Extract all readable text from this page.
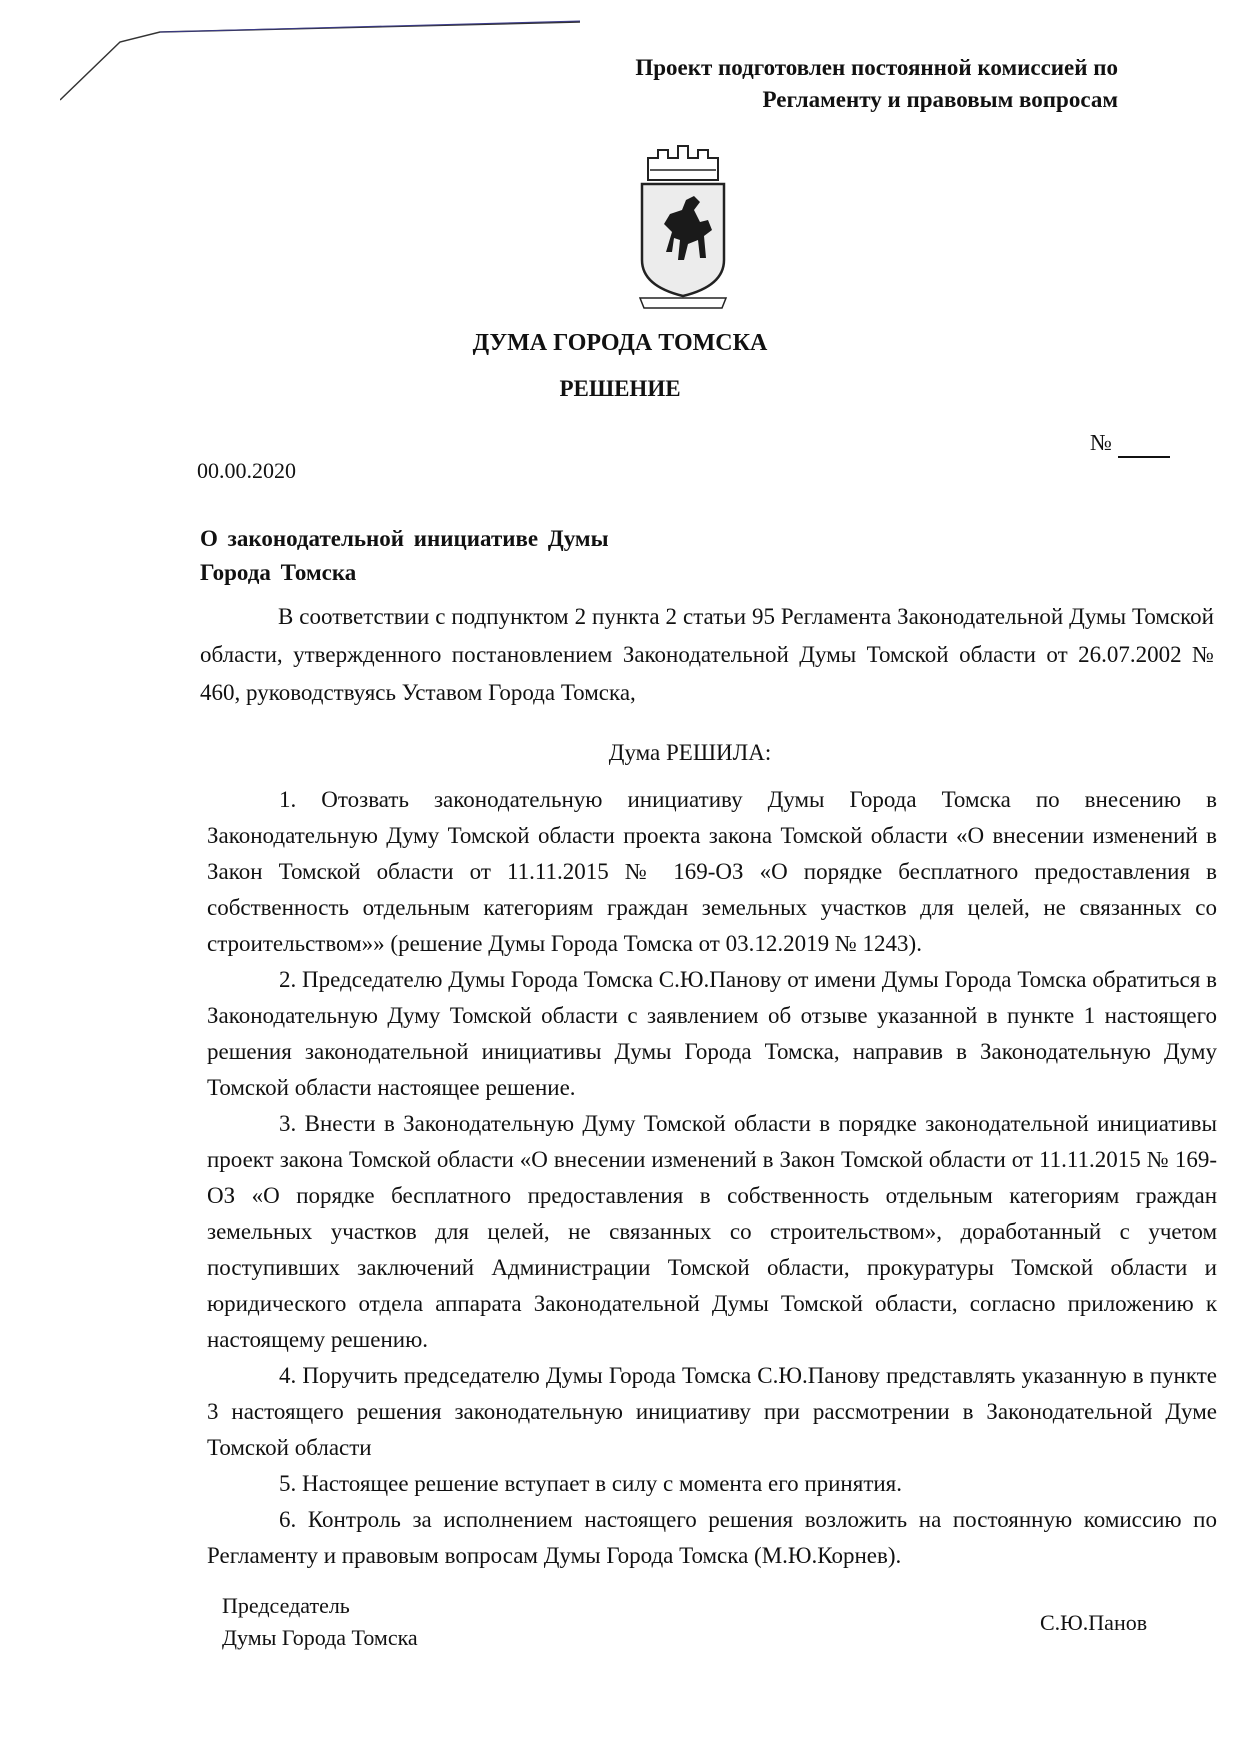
Проект подготовлен постоянной комиссией по
Регламенту и правовым вопросам
ДУМА ГОРОДА ТОМСКА
РЕШЕНИЕ
№
00.00.2020
О законодательной инициативе Думы
Города Томска

В соответствии с подпунктом 2 пункта 2 статьи 95 Регламента Законодательной Думы Томской области, утвержденного постановлением Законодательной Думы Томской области от 26.07.2002 № 460, руководствуясь Уставом Города Томска,

Дума РЕШИЛА:

1. Отозвать законодательную инициативу Думы Города Томска по внесению в Законодательную Думу Томской области проекта закона Томской области «О внесении изменений в Закон Томской области от 11.11.2015 № 169-ОЗ «О порядке бесплатного предоставления в собственность отдельным категориям граждан земельных участков для целей, не связанных со строительством»» (решение Думы Города Томска от 03.12.2019 № 1243).

2. Председателю Думы Города Томска С.Ю.Панову от имени Думы Города Томска обратиться в Законодательную Думу Томской области с заявлением об отзыве указанной в пункте 1 настоящего решения законодательной инициативы Думы Города Томска, направив в Законодательную Думу Томской области настоящее решение.

3. Внести в Законодательную Думу Томской области в порядке законодательной инициативы проект закона Томской области «О внесении изменений в Закон Томской области от 11.11.2015 № 169-ОЗ «О порядке бесплатного предоставления в собственность отдельным категориям граждан земельных участков для целей, не связанных со строительством», доработанный с учетом поступивших заключений Администрации Томской области, прокуратуры Томской области и юридического отдела аппарата Законодательной Думы Томской области, согласно приложению к настоящему решению.

4. Поручить председателю Думы Города Томска С.Ю.Панову представлять указанную в пункте 3 настоящего решения законодательную инициативу при рассмотрении в Законодательной Думе Томской области

5. Настоящее решение вступает в силу с момента его принятия.

6. Контроль за исполнением настоящего решения возложить на постоянную комиссию по Регламенту и правовым вопросам Думы Города Томска (М.Ю.Корнев).

Председатель
Думы Города Томска
С.Ю.Панов
